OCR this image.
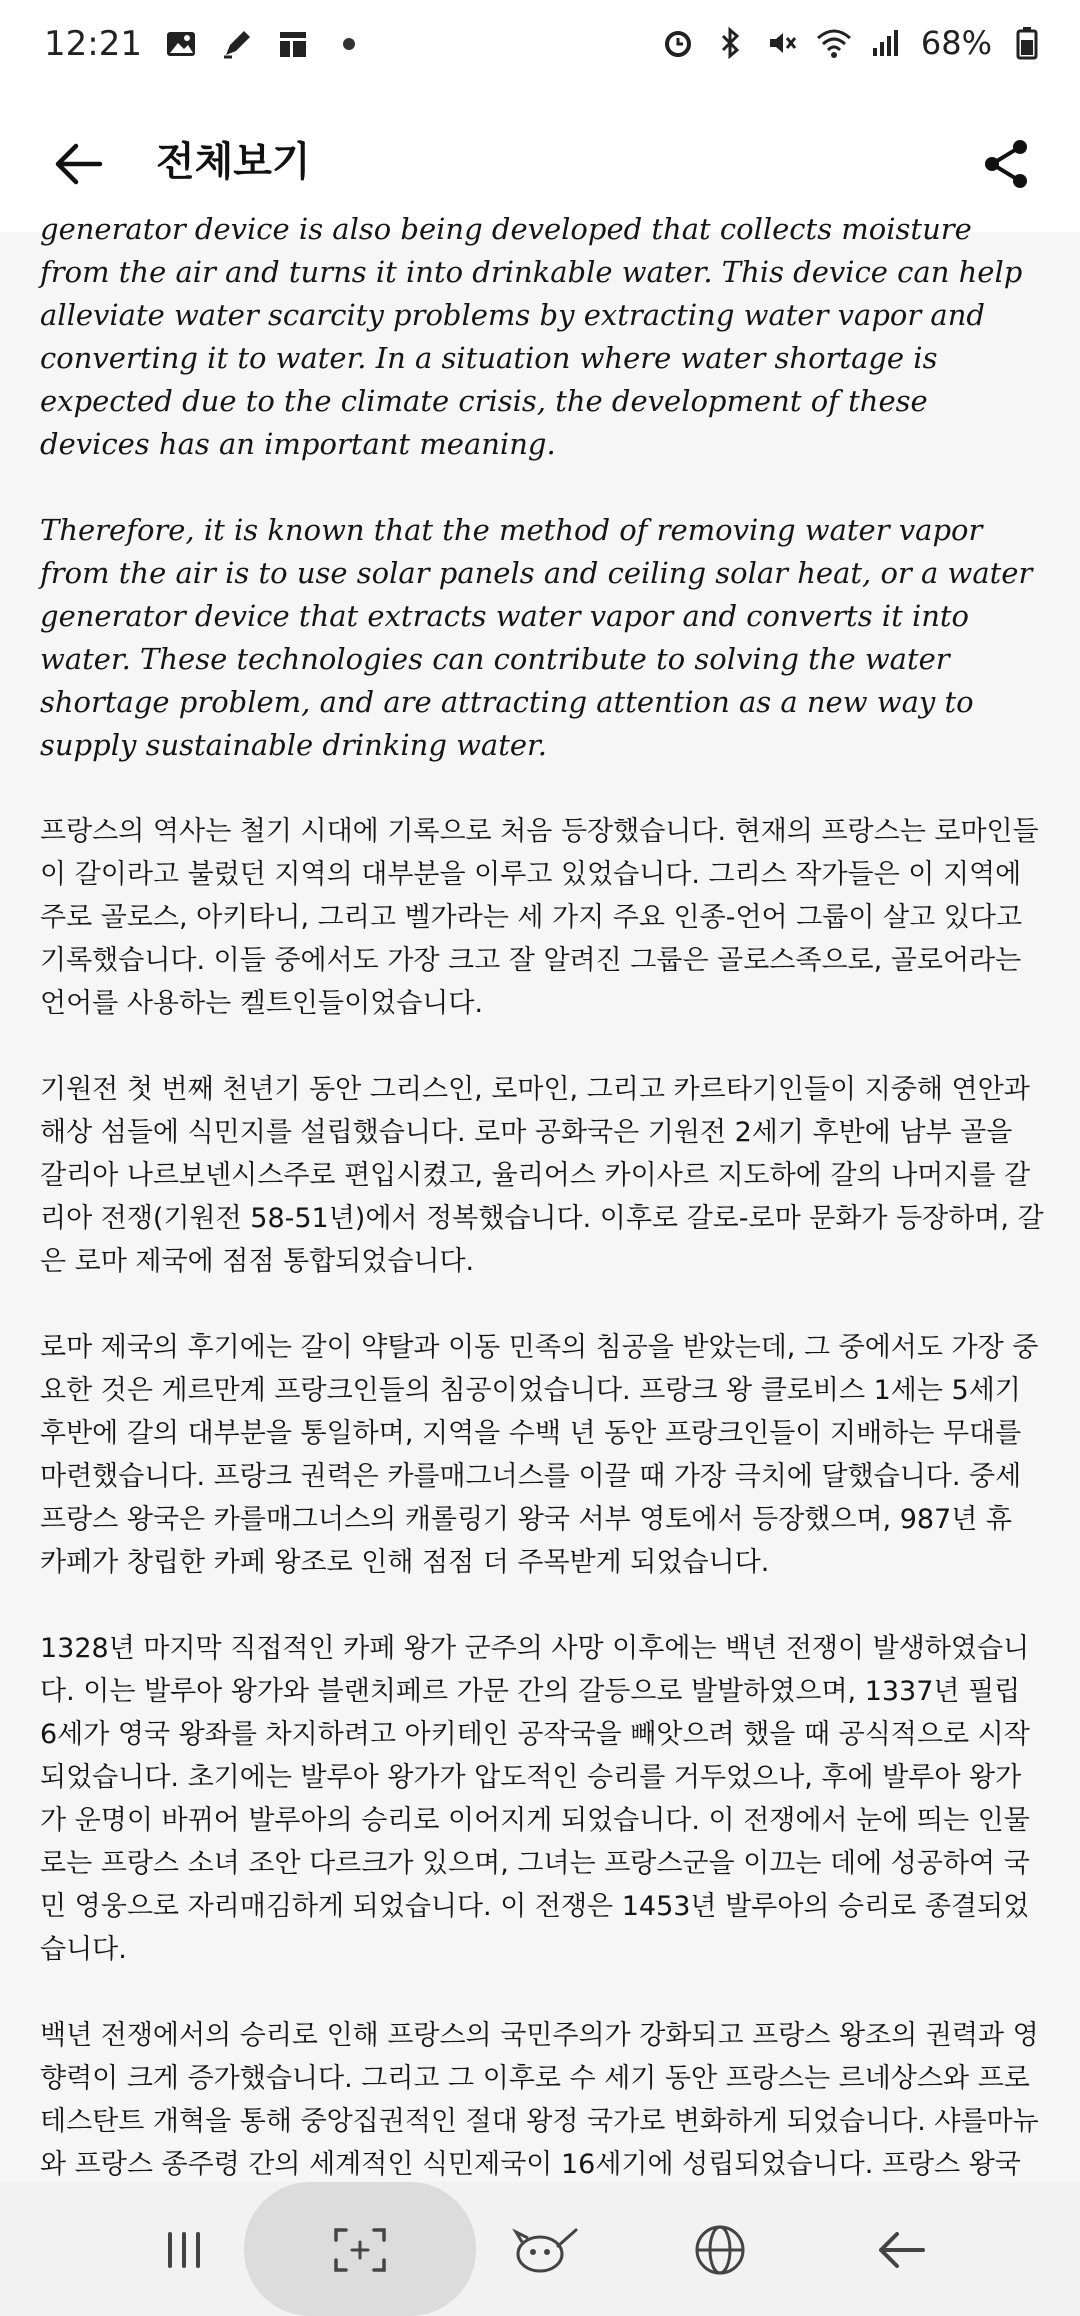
12:21	68%
전체보기

generator device is also being developed that collects moisture from the air and turns it into drinkable water. This device can help alleviate water scarcity problems by extracting water vapor and converting it to water. In a situation where water shortage is expected due to the climate crisis, the development of these devices has an important meaning.

Therefore, it is known that the method of removing water vapor from the air is to use solar panels and ceiling solar heat, or a water generator device that extracts water vapor and converts it into water. These technologies can contribute to solving the water shortage problem, and are attracting attention as a new way to supply sustainable drinking water.

프랑스의 역사는 철기 시대에 기록으로 처음 등장했습니다. 현재의 프랑스는 로마인들이 갈이라고 불렀던 지역의 대부분을 이루고 있었습니다. 그리스 작가들은 이 지역에 주로 골로스, 아키타니, 그리고 벨가라는 세 가지 주요 인종-언어 그룹이 살고 있다고 기록했습니다. 이들 중에서도 가장 크고 잘 알려진 그룹은 골로스족으로, 골로어라는 언어를 사용하는 켈트인들이었습니다.

기원전 첫 번째 천년기 동안 그리스인, 로마인, 그리고 카르타기인들이 지중해 연안과 해상 섬들에 식민지를 설립했습니다. 로마 공화국은 기원전 2세기 후반에 남부 골을 갈리아 나르보넨시스주로 편입시켰고, 율리어스 카이사르 지도하에 갈의 나머지를 갈리아 전쟁(기원전 58-51년)에서 정복했습니다. 이후로 갈로-로마 문화가 등장하며, 갈은 로마 제국에 점점 통합되었습니다.

로마 제국의 후기에는 갈이 약탈과 이동 민족의 침공을 받았는데, 그 중에서도 가장 중요한 것은 게르만계 프랑크인들의 침공이었습니다. 프랑크 왕 클로비스 1세는 5세기 후반에 갈의 대부분을 통일하며, 지역을 수백 년 동안 프랑크인들이 지배하는 무대를 마련했습니다. 프랑크 권력은 카를매그너스를 이끌 때 가장 극치에 달했습니다. 중세 프랑스 왕국은 카를매그너스의 캐롤링기 왕국 서부 영토에서 등장했으며, 987년 휴 카페가 창립한 카페 왕조로 인해 점점 더 주목받게 되었습니다.

1328년 마지막 직접적인 카페 왕가 군주의 사망 이후에는 백년 전쟁이 발생하였습니다. 이는 발루아 왕가와 블랜치페르 가문 간의 갈등으로 발발하였으며, 1337년 필립 6세가 영국 왕좌를 차지하려고 아키테인 공작국을 빼앗으려 했을 때 공식적으로 시작되었습니다. 초기에는 발루아 왕가가 압도적인 승리를 거두었으나, 후에 발루아 왕가가 운명이 바뀌어 발루아의 승리로 이어지게 되었습니다. 이 전쟁에서 눈에 띄는 인물로는 프랑스 소녀 조안 다르크가 있으며, 그녀는 프랑스군을 이끄는 데에 성공하여 국민 영웅으로 자리매김하게 되었습니다. 이 전쟁은 1453년 발루아의 승리로 종결되었습니다.

백년 전쟁에서의 승리로 인해 프랑스의 국민주의가 강화되고 프랑스 왕조의 권력과 영향력이 크게 증가했습니다. 그리고 그 이후로 수 세기 동안 프랑스는 르네상스와 프로테스탄트 개혁을 통해 중앙집권적인 절대 왕정 국가로 변화하게 되었습니다. 샤를마뉴와 프랑스 종주령 간의 세계적인 식민제국이 16세기에 성립되었습니다. 프랑스 왕국
